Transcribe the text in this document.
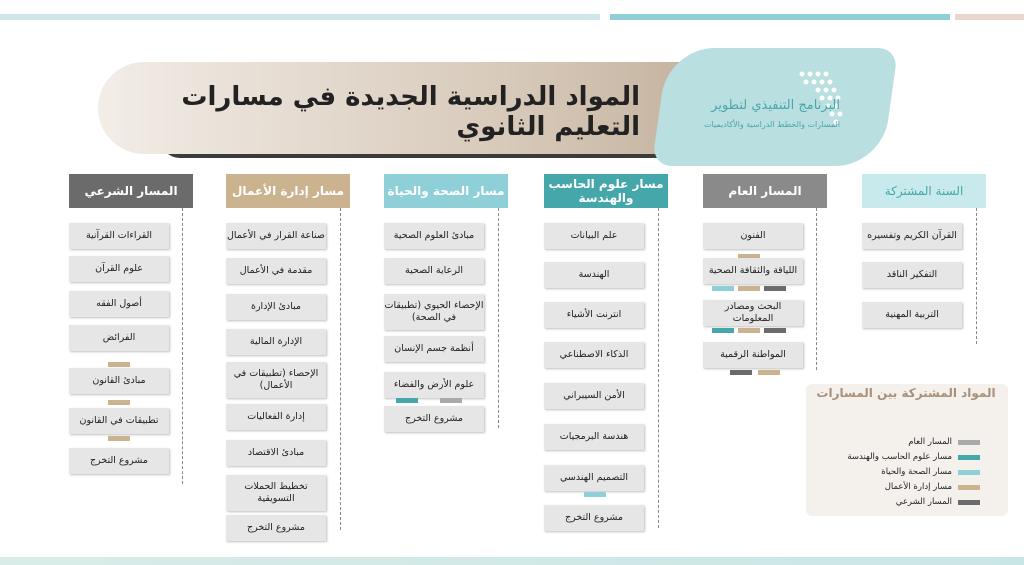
المواد الدراسية الجديدة في مسارات التعليم الثانوي
البرنامج التنفيذي لتطوير
المسارات والخطط الدراسية والأكاديميات
السنة المشتركة
القرآن الكريم وتفسيره
التفكير الناقد
التربية المهنية
المسار العام
الفنون
اللياقة والثقافة الصحية
البحث ومصادر المعلومات
المواطنة الرقمية
مسار علوم الحاسب والهندسة
علم البيانات
الهندسة
انترنت الأشياء
الذكاء الاصطناعي
الأمن السيبراني
هندسة البرمجيات
التصميم الهندسي
مشروع التخرج
مسار الصحة والحياة
مبادئ العلوم الصحية
الرعاية الصحية
الإحصاء الحيوي (تطبيقات في الصحة)
أنظمة جسم الإنسان
علوم الأرض والفضاء
مشروع التخرج
مسار إدارة الأعمال
صناعة القرار في الأعمال
مقدمة في الأعمال
مبادئ الإدارة
الإدارة المالية
الإحصاء (تطبيقات في الأعمال)
إدارة الفعاليات
مبادئ الاقتصاد
تخطيط الحملات التسويقية
مشروع التخرج
المسار الشرعي
القراءات القرآنية
علوم القرآن
أصول الفقه
الفرائض
مبادئ القانون
تطبيقات في القانون
مشروع التخرج
المواد المشتركة بين المسارات
المسار العام
مسار علوم الحاسب والهندسة
مسار الصحة والحياة
مسار إدارة الأعمال
المسار الشرعي
